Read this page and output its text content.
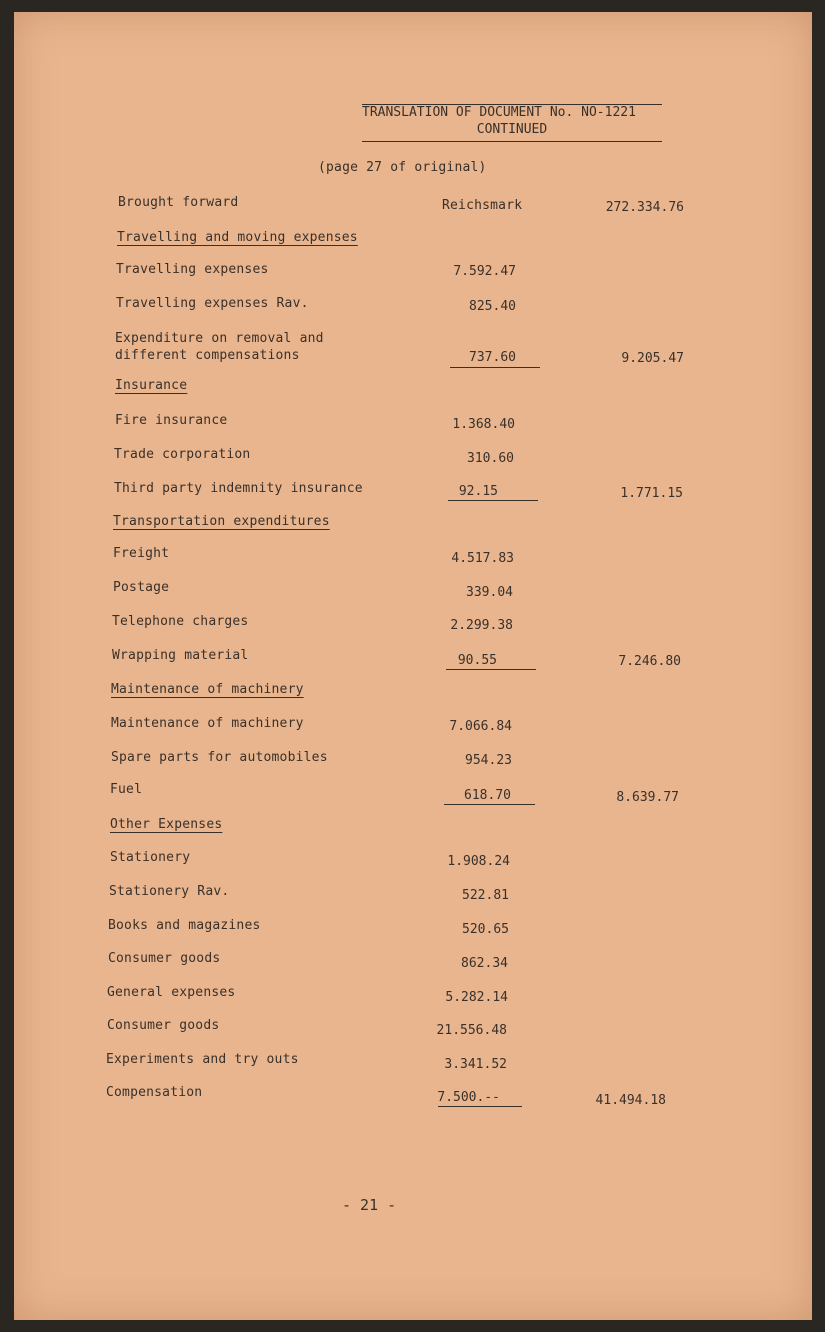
TRANSLATION OF DOCUMENT No. NO-1221
CONTINUED
(page 27 of original)
Brought forward	Reichsmark	272.334.76
Travelling and moving expenses
Travelling expenses	7.592.47
Travelling expenses Rav.	825.40
Expenditure on removal and
different compensations	737.60	9.205.47
Insurance
Fire insurance	1.368.40
Trade corporation	310.60
Third party indemnity insurance	92.15	1.771.15
Transportation expenditures
Freight	4.517.83
Postage	339.04
Telephone charges	2.299.38
Wrapping material	90.55	7.246.80
Maintenance of machinery
Maintenance of machinery	7.066.84
Spare parts for automobiles	954.23
Fuel	618.70	8.639.77
Other Expenses
Stationery	1.908.24
Stationery Rav.	522.81
Books and magazines	520.65
Consumer goods	862.34
General expenses	5.282.14
Consumer goods	21.556.48
Experiments and try outs	3.341.52
Compensation	7.500.--	41.494.18
- 21 -
